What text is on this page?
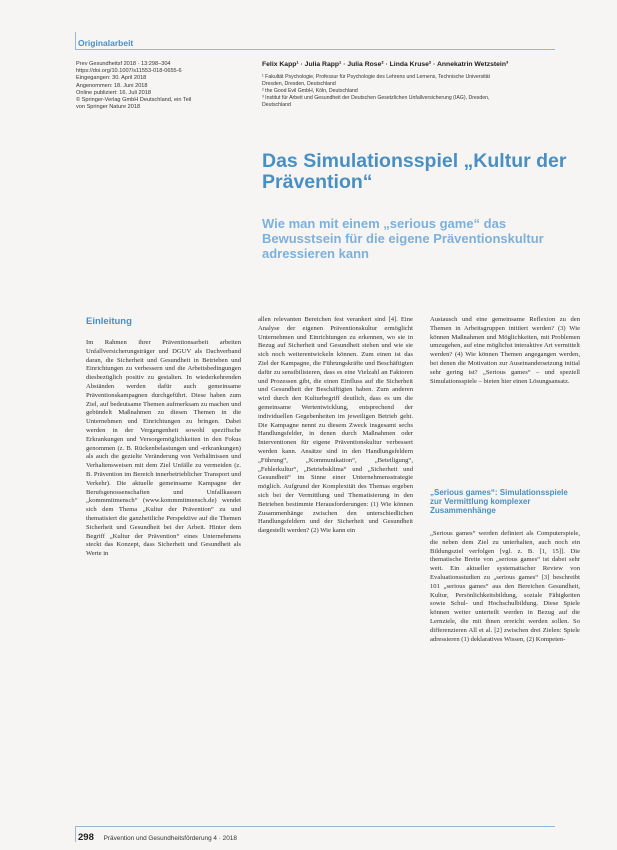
Originalarbeit
Prev Gesundheitsf 2018 · 13:298–304
https://doi.org/10.1007/s11553-018-0655-6
Eingegangen: 30. April 2018
Angenommen: 18. Juni 2018
Online publiziert: 16. Juli 2018
© Springer-Verlag GmbH Deutschland, ein Teil
von Springer Nature 2018
Felix Kapp¹ · Julia Rapp¹ · Julia Rose² · Linda Kruse² · Annekatrin Wetzstein³
¹ Fakultät Psychologie, Professur für Psychologie des Lehrens und Lernens, Technische Universität
Dresden, Dresden, Deutschland
² the Good Evil GmbH, Köln, Deutschland
³ Institut für Arbeit und Gesundheit der Deutschen Gesetzlichen Unfallversicherung (IAG), Dresden,
Deutschland
Das Simulationsspiel „Kultur der Prävention“
Wie man mit einem „serious game“ das Bewusstsein für die eigene Präventionskultur adressieren kann
Einleitung

Im Rahmen ihrer Präventionsarbeit arbeiten Unfallversicherungsträger und DGUV als Dachverband daran, die Sicherheit und Gesundheit in Betrieben und Einrichtungen zu verbessern und die Arbeitsbedingungen diesbezüglich positiv zu gestalten. In wiederkehrenden Abständen werden dafür auch gemeinsame Präventionskampagnen durchgeführt. Diese haben zum Ziel, auf bedeutsame Themen aufmerksam zu machen und gebündelt Maßnahmen zu diesen Themen in die Unternehmen und Einrichtungen zu bringen. Dabei werden in der Vergangenheit sowohl spezifische Erkrankungen und Versorgemöglichkeiten in den Fokus genommen (z. B. Rückenbelastungen und -erkrankungen) als auch die gezielte Veränderung von Verhältnissen und Verhaltensweisen mit dem Ziel Unfälle zu vermeiden (z. B. Prävention im Bereich innerbetrieblicher Transport und Verkehr). Die aktuelle gemeinsame Kampagne der Berufsgenossenschaften und Unfallkassen „kommmitmensch“ (www.kommmitmensch.de) wendet sich dem Thema „Kultur der Prävention“ zu und thematisiert die ganzheitliche Perspektive auf die Themen Sicherheit und Gesundheit bei der Arbeit. Hinter dem Begriff „Kultur der Prävention“ eines Unternehmens steckt das Konzept, dass Sicherheit und Gesundheit als Werte in

allen relevanten Bereichen fest verankert sind [4]. Eine Analyse der eigenen Präventionskultur ermöglicht Unternehmen und Einrichtungen zu erkennen, wo sie in Bezug auf Sicherheit und Gesundheit stehen und wie sie sich noch weiterentwickeln können. Zum einen ist das Ziel der Kampagne, die Führungskräfte und Beschäftigten dafür zu sensibilisieren, dass es eine Vielzahl an Faktoren und Prozessen gibt, die einen Einfluss auf die Sicherheit und Gesundheit der Beschäftigten haben. Zum anderen wird durch den Kulturbegriff deutlich, dass es um die gemeinsame Wertentwicklung, entsprechend der individuellen Gegebenheiten im jeweiligen Betrieb geht. Die Kampagne nennt zu diesem Zweck insgesamt sechs Handlungsfelder, in denen durch Maßnahmen oder Interventionen für eigene Präventionskultur verbessert werden kann. Ansätze sind in den Handlungsfeldern „Führung“, „Kommunikation“, „Beteiligung“, „Fehlerkultur“, „Betriebsklima“ und „Sicherheit und Gesundheit“ im Sinne einer Unternehmensstrategie möglich. Aufgrund der Komplexität des Themas ergeben sich bei der Vermittlung und Thematisierung in den Betrieben bestimmte Herausforderungen: (1) Wie können Zusammenhänge zwischen den unterschiedlichen Handlungsfeldern und der Sicherheit und Gesundheit dargestellt werden? (2) Wie kann ein

Austausch und eine gemeinsame Reflexion zu den Themen in Arbeitsgruppen initiiert werden? (3) Wie können Maßnahmen und Möglichkeiten, mit Problemen umzugehen, auf eine möglichst interaktive Art vermittelt werden? (4) Wie können Themen angegangen werden, bei denen die Motivation zur Auseinandersetzung initial sehr gering ist? „Serious games“ – und speziell Simulationsspiele – bieten hier einen Lösungsansatz.

„Serious games“: Simulationsspiele zur Vermittlung komplexer Zusammenhänge

„Serious games“ werden definiert als Computerspiele, die neben dem Ziel zu unterhalten, auch noch ein Bildungsziel verfolgen [vgl. z. B. [1, 15]]. Die thematische Breite von „serious games“ ist dabei sehr weit. Ein aktueller systematischer Review von Evaluationsstudien zu „serious games“ [3] beschreibt 101 „serious games“ aus den Bereichen Gesundheit, Kultur, Persönlichkeitsbildung, soziale Fähigkeiten sowie Schul- und Hochschulbildung. Diese Spiele können weiter unterteilt werden in Bezug auf die Lernziele, die mit ihnen erreicht werden sollen. So differenzieren All et al. [2] zwischen drei Zielen: Spiele adressieren (1) deklaratives Wissen, (2) Kompeten-

298 Prävention und Gesundheitsförderung 4 · 2018
